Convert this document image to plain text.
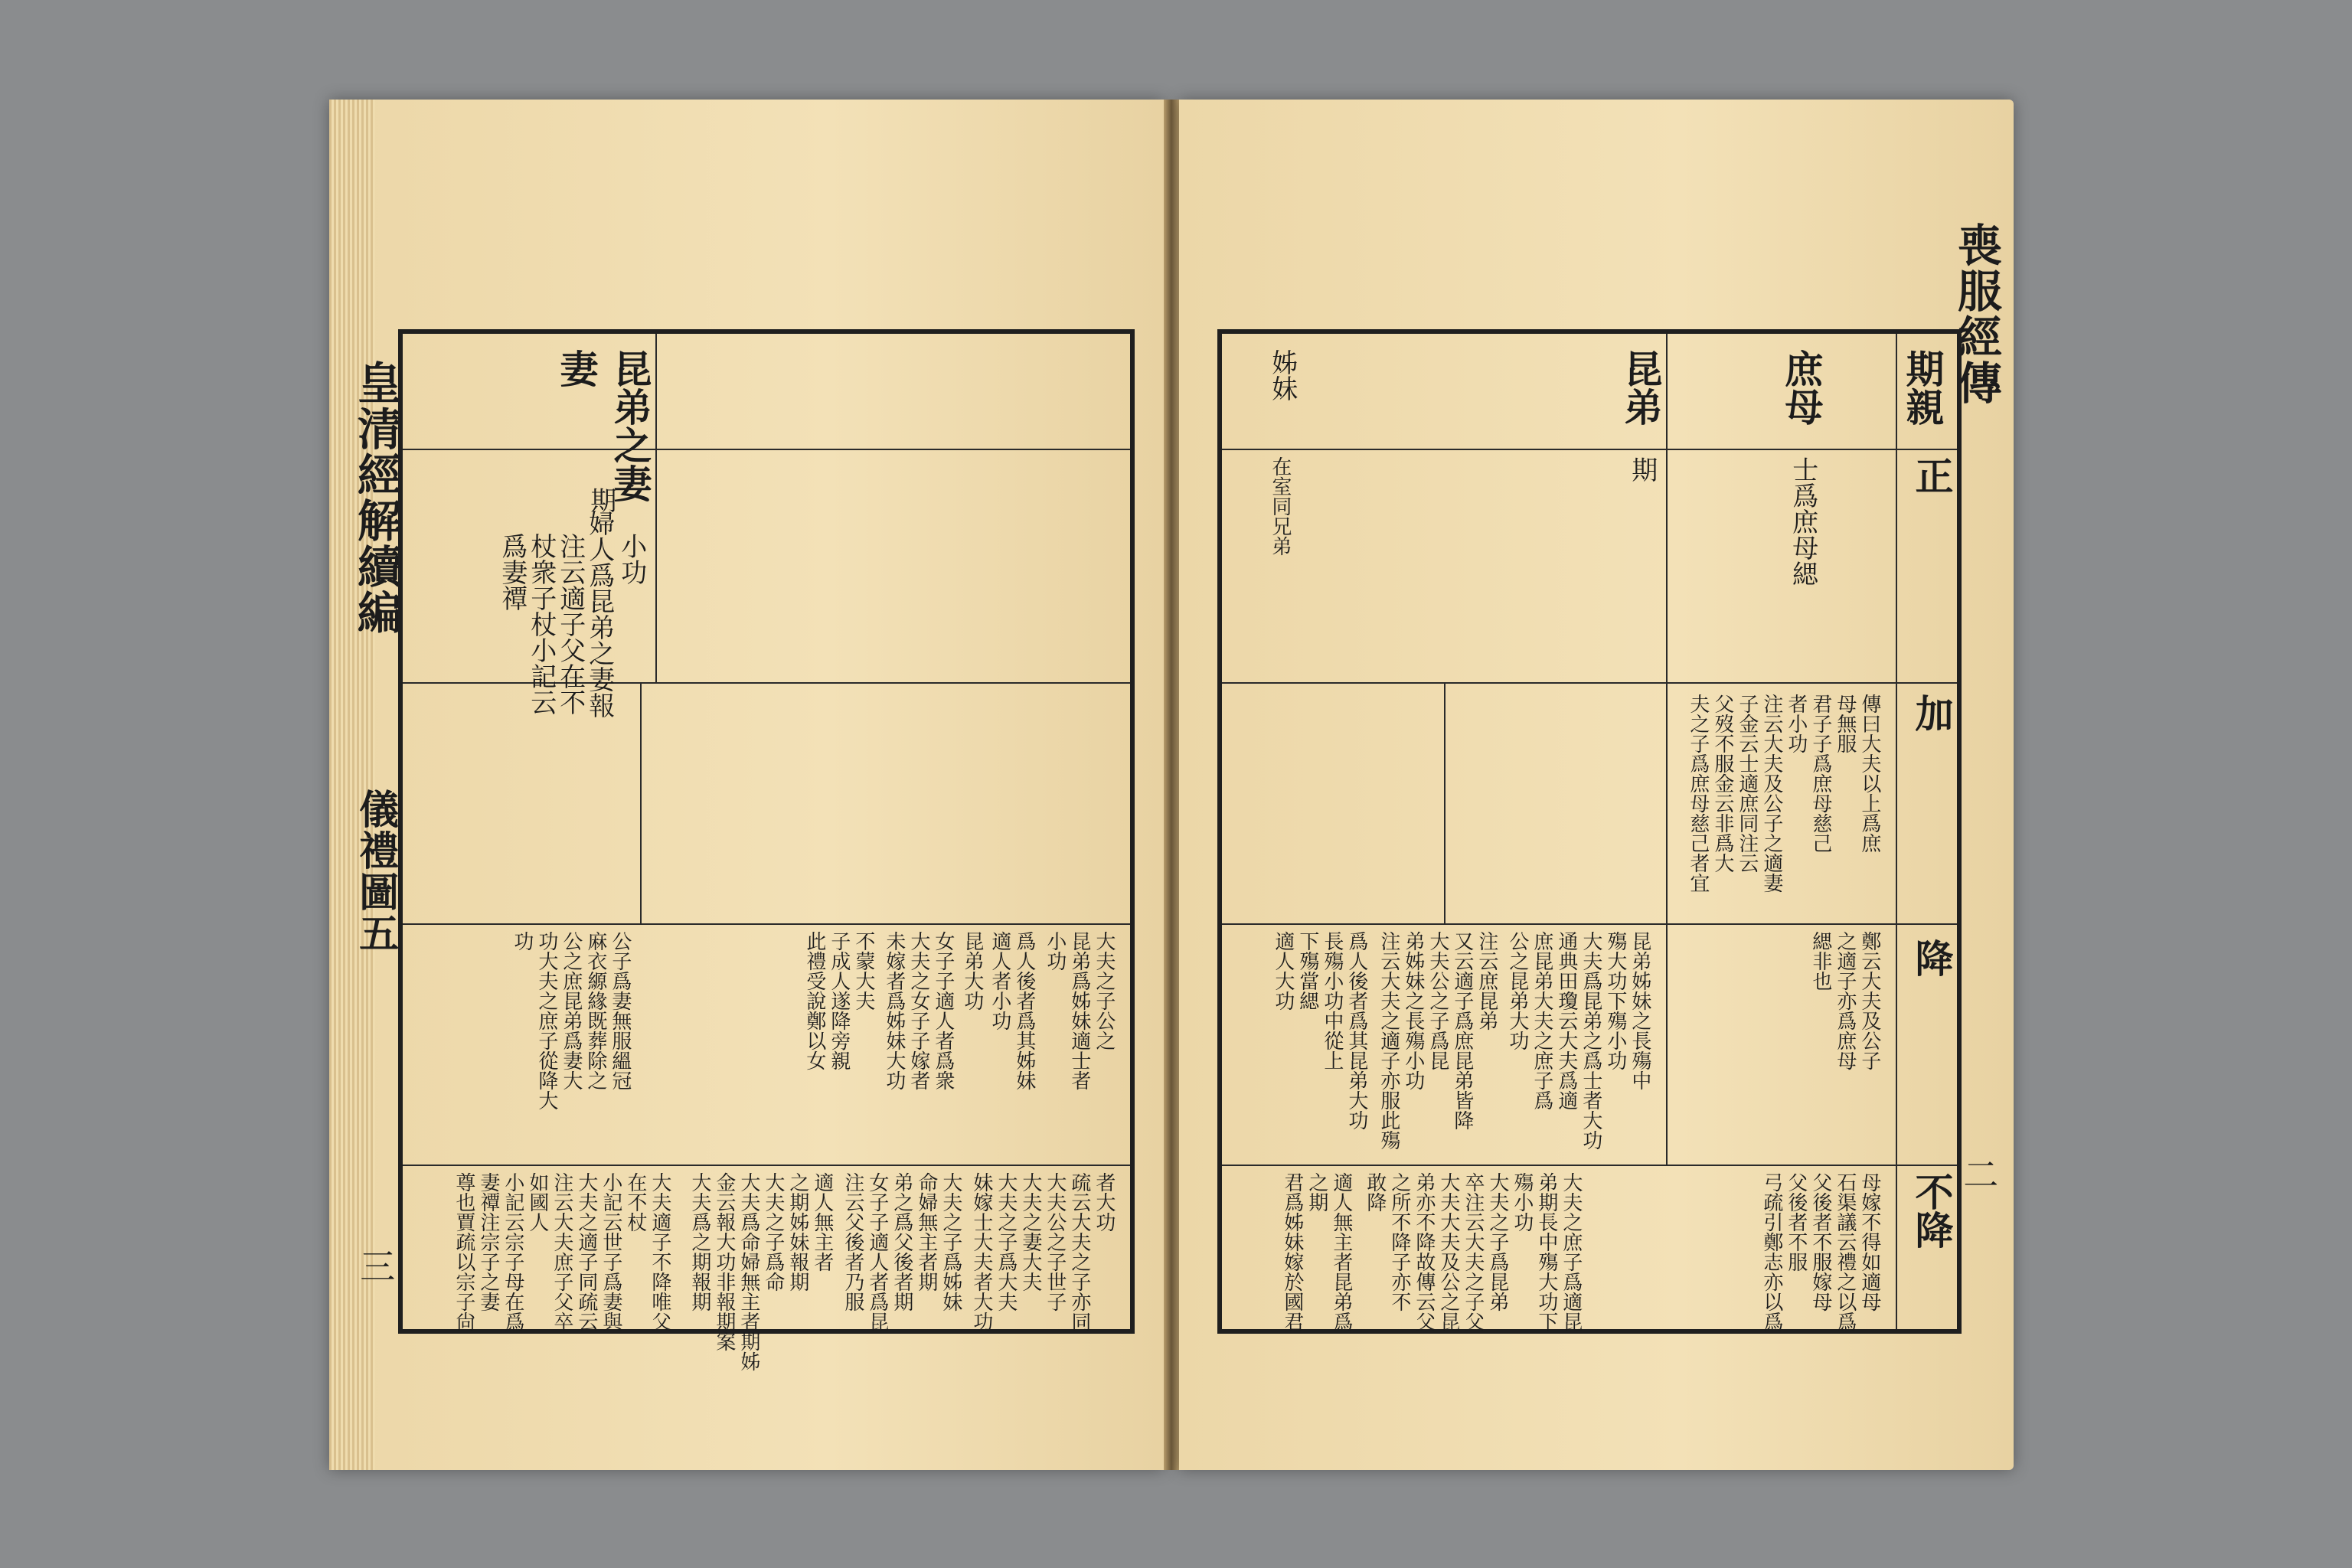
皇清經解續編
儀禮圖五
三
昆弟之妻
妻
小功
婦人爲昆弟之妻報
期
注云適子父在不
杖衆子杖小記云
爲妻禫
大夫之子公之
昆弟爲姊妹適士者
小功
爲人後者爲其姊妹
適人者小功
昆弟大功
女子子適人者爲衆
大夫之女子子嫁者
未嫁者爲姊妹大功
不蒙大夫
子成人遂降旁親
此禮受說鄭以女
公子爲妻無服縕冠
麻衣縓緣既葬除之
公之庶昆弟爲妻大
功大夫之庶子從降大
功
者大功
疏云大夫之子亦同
大夫公之子世子
大夫之妻大夫
大夫之子爲大夫
妹嫁士大夫者大功
大夫之子爲姊妹
命婦無主者期
弟之爲父後者期
女子子適人者爲昆
注云父後者乃服
適人無主者
之期姊妹報期
大夫之子爲命
大夫爲命婦無主者期姊
金云報大功非報期案
大夫爲之期報期
大夫適子不降唯父
在不杖
小記云世子爲妻與
大夫之適子同疏云
注云大夫庶子父卒
如國人
小記云宗子母在爲
妻禫注宗子之妻
尊也賈疏以宗子尙
喪服經傳
二
期親
正
加
降
不降
庶母
昆弟
姊妹
士爲庶母緦
期
在室同兄弟
傳曰大夫以上爲庶
母無服
君子子爲庶母慈己
者小功
注云大夫及公子之適妻
子金云士適庶同注云
父歿不服金云非爲大
夫之子爲庶母慈己者宜
鄭云大夫及公子
之適子亦爲庶母
緦非也
昆弟姊妹之長殤中
殤大功下殤小功
大夫爲昆弟之爲士者大功
通典田瓊云大夫爲適
庶昆弟大夫之庶子爲
公之昆弟大功
注云庶昆弟
又云適子爲庶昆弟皆降
大夫公之子爲昆
弟姊妹之長殤小功
注云大夫之適子亦服此殤
爲人後者爲其昆弟大功
長殤小功中從上
下殤當緦
適人大功
母嫁不得如適母
石渠議云禮之以爲
父後者不服嫁母
父後者不服
弓疏引鄭志亦以爲
大夫之庶子爲適昆
弟期長中殤大功下
殤小功
大夫之子爲昆弟
卒注云大夫之子父
大夫大夫及公之昆
弟亦不降故傳云父
之所不降子亦不
敢降
適人無主者昆弟爲
之期
君爲姊妹嫁於國君
